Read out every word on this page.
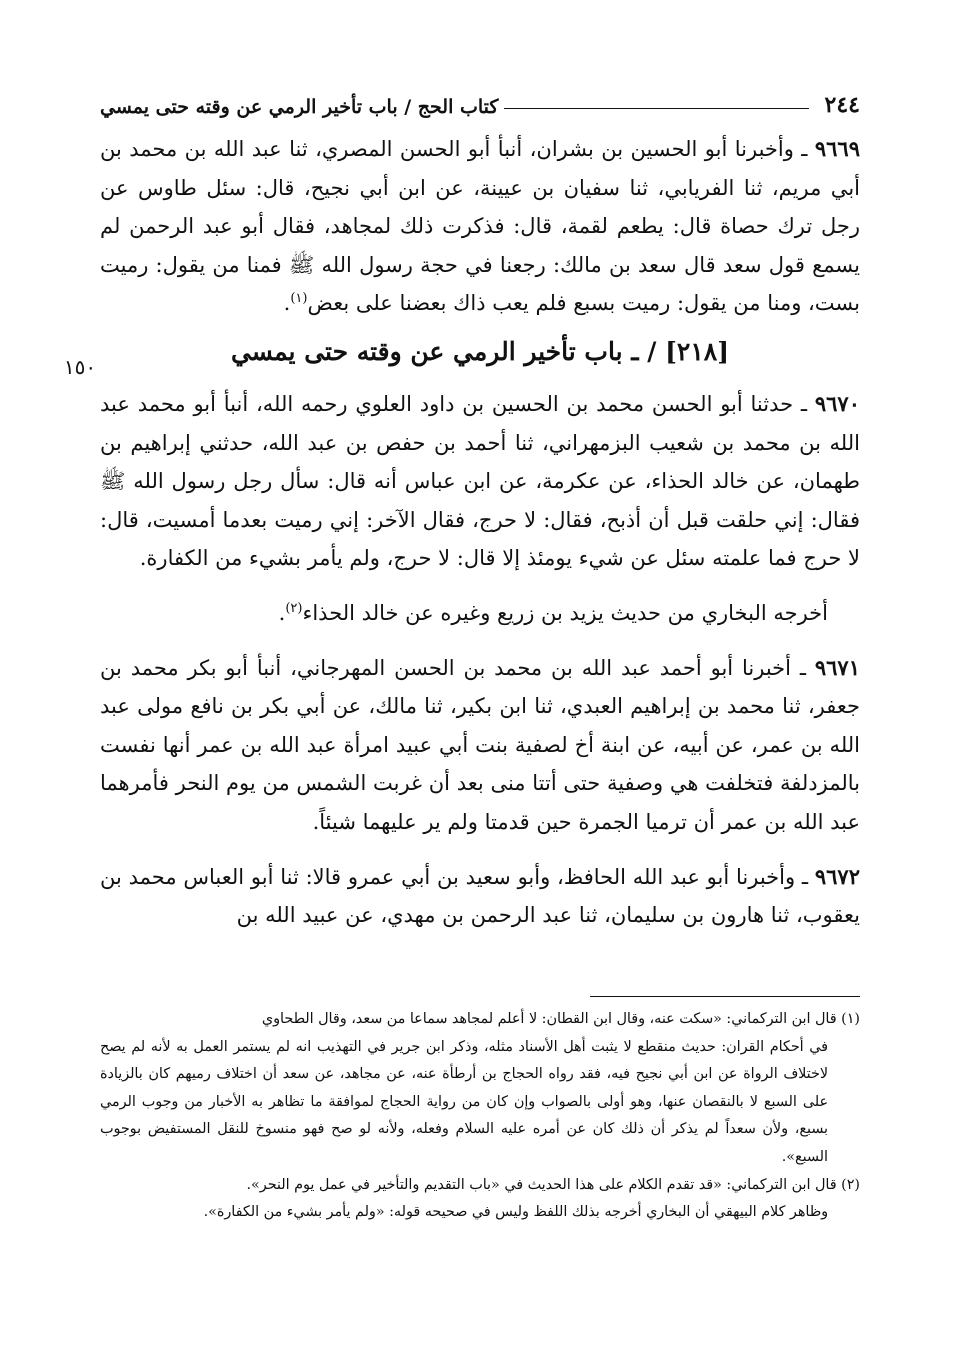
٢٤٤
كتاب الحج / باب تأخير الرمي عن وقته حتى يمسي
١٥٠

٩٦٦٩ ـ وأخبرنا أبو الحسين بن بشران، أنبأ أبو الحسن المصري، ثنا عبد الله بن محمد بن أبي مريم، ثنا الفريابي، ثنا سفيان بن عيينة، عن ابن أبي نجيح، قال: سئل طاوس عن رجل ترك حصاة قال: يطعم لقمة، قال: فذكرت ذلك لمجاهد، فقال أبو عبد الرحمن لم يسمع قول سعد قال سعد بن مالك: رجعنا في حجة رسول الله ﷺ فمنا من يقول: رميت بست، ومنا من يقول: رميت بسبع فلم يعب ذاك بعضنا على بعض$^{(١)}$.

[٢١٨] / ـ باب تأخير الرمي عن وقته حتى يمسي

٩٦٧٠ ـ حدثنا أبو الحسن محمد بن الحسين بن داود العلوي رحمه الله، أنبأ أبو محمد عبد الله بن محمد بن شعيب البزمهراني، ثنا أحمد بن حفص بن عبد الله، حدثني إبراهيم بن طهمان، عن خالد الحذاء، عن عكرمة، عن ابن عباس أنه قال: سأل رجل رسول الله ﷺ فقال: إني حلقت قبل أن أذبح، فقال: لا حرج، فقال الآخر: إني رميت بعدما أمسيت، قال: لا حرج فما علمته سئل عن شيء يومئذ إلا قال: لا حرج، ولم يأمر بشيء من الكفارة.

أخرجه البخاري من حديث يزيد بن زريع وغيره عن خالد الحذاء$^{(٢)}$.

٩٦٧١ ـ أخبرنا أبو أحمد عبد الله بن محمد بن الحسن المهرجاني، أنبأ أبو بكر محمد بن جعفر، ثنا محمد بن إبراهيم العبدي، ثنا ابن بكير، ثنا مالك، عن أبي بكر بن نافع مولى عبد الله بن عمر، عن أبيه، عن ابنة أخ لصفية بنت أبي عبيد امرأة عبد الله بن عمر أنها نفست بالمزدلفة فتخلفت هي وصفية حتى أتتا منى بعد أن غربت الشمس من يوم النحر فأمرهما عبد الله بن عمر أن ترميا الجمرة حين قدمتا ولم ير عليهما شيئاً.

٩٦٧٢ ـ وأخبرنا أبو عبد الله الحافظ، وأبو سعيد بن أبي عمرو قالا: ثنا أبو العباس محمد بن يعقوب، ثنا هارون بن سليمان، ثنا عبد الرحمن بن مهدي، عن عبيد الله بن

(١) قال ابن التركماني: «سكت عنه، وقال ابن القطان: لا أعلم لمجاهد سماعا من سعد، وقال الطحاوي

في أحكام القران: حديث منقطع لا يثبت أهل الأسناد مثله، وذكر ابن جرير في التهذيب انه لم يستمر العمل به لأنه لم يصح لاختلاف الرواة عن ابن أبي نجيح فيه، فقد رواه الحجاج بن أرطأة عنه، عن مجاهد، عن سعد أن اختلاف رميهم كان بالزيادة على السبع لا بالنقصان عنها، وهو أولى بالصواب وإن كان من رواية الحجاج لموافقة ما تظاهر به الأخبار من وجوب الرمي بسبع، ولأن سعداً لم يذكر أن ذلك كان عن أمره عليه السلام وفعله، ولأنه لو صح فهو منسوخ للنقل المستفيض بوجوب السبع».

(٢) قال ابن التركماني: «قد تقدم الكلام على هذا الحديث في «باب التقديم والتأخير في عمل يوم النحر».

وظاهر كلام البيهقي أن البخاري أخرجه بذلك اللفظ وليس في صحيحه قوله: «ولم يأمر بشيء من الكفارة».
